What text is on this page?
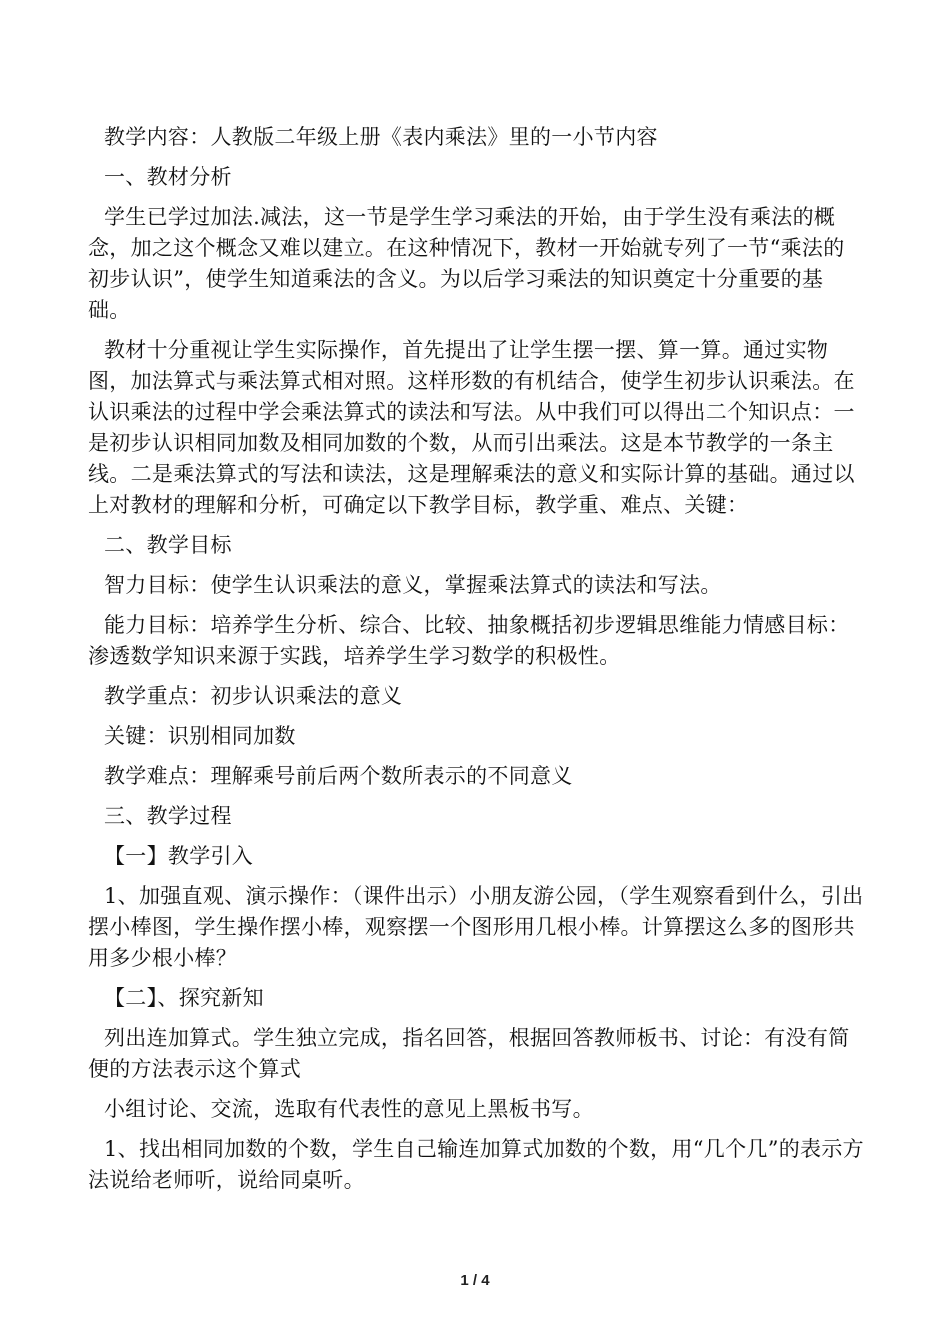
教学内容：人教版二年级上册《表内乘法》里的一小节内容

一、教材分析

学生已学过加法.减法，这一节是学生学习乘法的开始，由于学生没有乘法的概念，加之这个概念又难以建立。在这种情况下，教材一开始就专列了一节“乘法的初步认识”，使学生知道乘法的含义。为以后学习乘法的知识奠定十分重要的基础。

教材十分重视让学生实际操作，首先提出了让学生摆一摆、算一算。通过实物图，加法算式与乘法算式相对照。这样形数的有机结合，使学生初步认识乘法。在认识乘法的过程中学会乘法算式的读法和写法。从中我们可以得出二个知识点：一是初步认识相同加数及相同加数的个数，从而引出乘法。这是本节教学的一条主线。二是乘法算式的写法和读法，这是理解乘法的意义和实际计算的基础。通过以上对教材的理解和分析，可确定以下教学目标，教学重、难点、关键：

二、教学目标

智力目标：使学生认识乘法的意义，掌握乘法算式的读法和写法。

能力目标：培养学生分析、综合、比较、抽象概括初步逻辑思维能力情感目标：渗透数学知识来源于实践，培养学生学习数学的积极性。

教学重点：初步认识乘法的意义

关键：识别相同加数

教学难点：理解乘号前后两个数所表示的不同意义

三、教学过程

【一】教学引入

1、加强直观、演示操作：（课件出示）小朋友游公园，（学生观察看到什么，引出摆小棒图，学生操作摆小棒，观察摆一个图形用几根小棒。计算摆这么多的图形共用多少根小棒？

【二】、探究新知

列出连加算式。学生独立完成，指名回答，根据回答教师板书、讨论：有没有简便的方法表示这个算式

小组讨论、交流，选取有代表性的意见上黑板书写。

1、找出相同加数的个数，学生自己输连加算式加数的个数，用“几个几”的表示方法说给老师听，说给同桌听。

1 / 4
